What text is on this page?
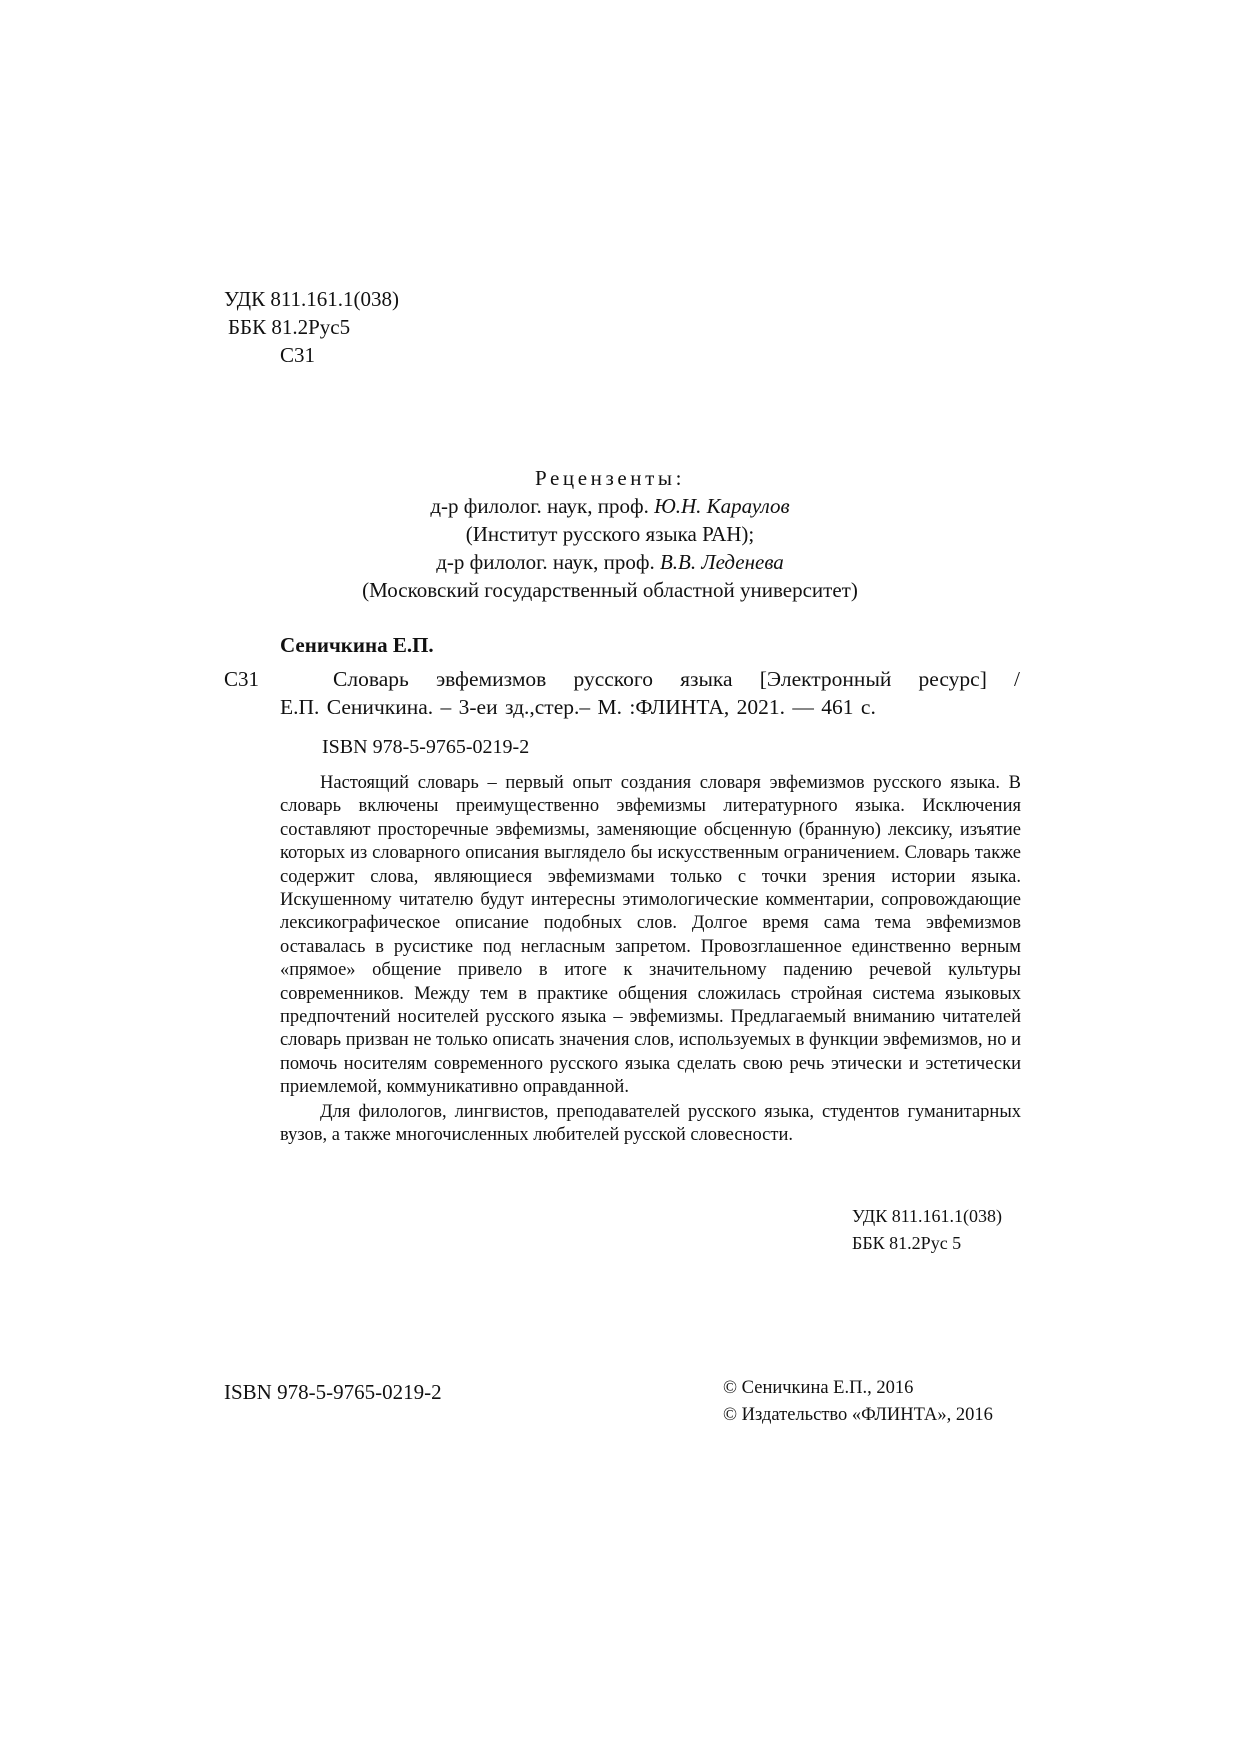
УДК 811.161.1(038)
ББК 81.2Рус5
С31
Рецензенты:
д-р филолог. наук, проф. Ю.Н. Караулов
(Институт русского языка РАН);
д-р филолог. наук, проф. В.В. Леденева
(Московский государственный областной университет)
Сеничкина Е.П.
С31	Словарь эвфемизмов русского языка [Электронный ресурс] /
Е.П. Сеничкина. – 3-еи зд.,стер.– М. :ФЛИНТА, 2021. — 461 с.
ISBN 978-5-9765-0219-2

Настоящий словарь – первый опыт создания словаря эвфемизмов русского языка. В словарь включены преимущественно эвфемизмы литературного языка. Исключения составляют просторечные эвфемизмы, заменяющие обсценную (бранную) лексику, изъятие которых из словарного описания выглядело бы искусственным ограничением. Словарь также содержит слова, являющиеся эвфемизмами только с точки зрения истории языка. Искушенному читателю будут интересны этимологические комментарии, сопровождающие лексикографическое описание подобных слов. Долгое время сама тема эвфемизмов оставалась в русистике под негласным запретом. Провозглашенное единственно верным «прямое» общение привело в итоге к значительному падению речевой культуры современников. Между тем в практике общения сложилась стройная система языковых предпочтений носителей русского языка – эвфемизмы. Предлагаемый вниманию читателей словарь призван не только описать значения слов, используемых в функции эвфемизмов, но и помочь носителям современного русского языка сделать свою речь этически и эстетически приемлемой, коммуникативно оправданной.

Для филологов, лингвистов, преподавателей русского языка, студентов гуманитарных вузов, а также многочисленных любителей русской словесности.

УДК 811.161.1(038)
ББК 81.2Рус 5
ISBN 978-5-9765-0219-2	© Сеничкина Е.П., 2016
© Издательство «ФЛИНТА», 2016
